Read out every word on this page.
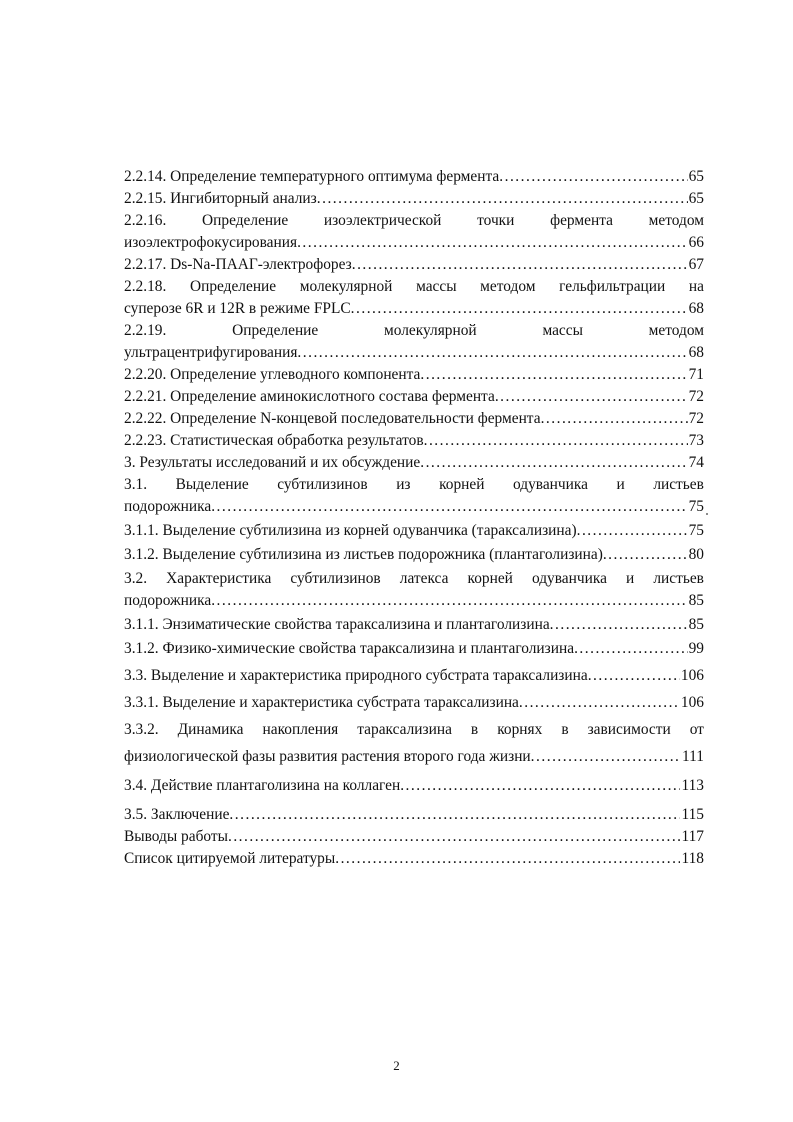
2.2.14. Определение температурного оптимума фермента .....	65
2.2.15. Ингибиторный анализ .....	65
2.2.16. Определение изоэлектрической точки фермента методом
изоэлектрофокусирования .....	66
2.2.17. Ds-Na-ПААГ-электрофорез .....	67
2.2.18. Определение молекулярной массы методом гельфильтрации на
суперозе 6R и 12R в режиме FPLC .....	68
2.2.19.	Определение	молекулярной	массы	методом
ультрацентрифугирования .....	68
2.2.20. Определение углеводного компонента .....	71
2.2.21. Определение аминокислотного состава фермента .....	72
2.2.22. Определение N-концевой последовательности фермента .....	72
2.2.23. Статистическая обработка результатов .....	73
3. Результаты исследований и их обсуждение .....	74
3.1. Выделение субтилизинов из корней одуванчика и листьев
подорожника .....	75
3.1.1. Выделение субтилизина из корней одуванчика (тараксализина) .....	75
3.1.2. Выделение субтилизина из листьев подорожника (плантаголизина) .....	80
3.2. Характеристика субтилизинов латекса корней одуванчика и листьев
подорожника .....	85
3.1.1. Энзиматические свойства тараксализина и плантаголизина .....	85
3.1.2. Физико-химические свойства тараксализина и плантаголизина .....	99
3.3. Выделение и характеристика природного субстрата тараксализина .....	106
3.3.1. Выделение и характеристика субстрата тараксализина .....	106
3.3.2. Динамика накопления тараксализина в корнях в зависимости от
физиологической фазы развития растения второго года жизни .....	111
3.4. Действие плантаголизина на коллаген .....	113
3.5. Заключение .....	115
Выводы работы .....	117
Список цитируемой литературы .....	118
2
